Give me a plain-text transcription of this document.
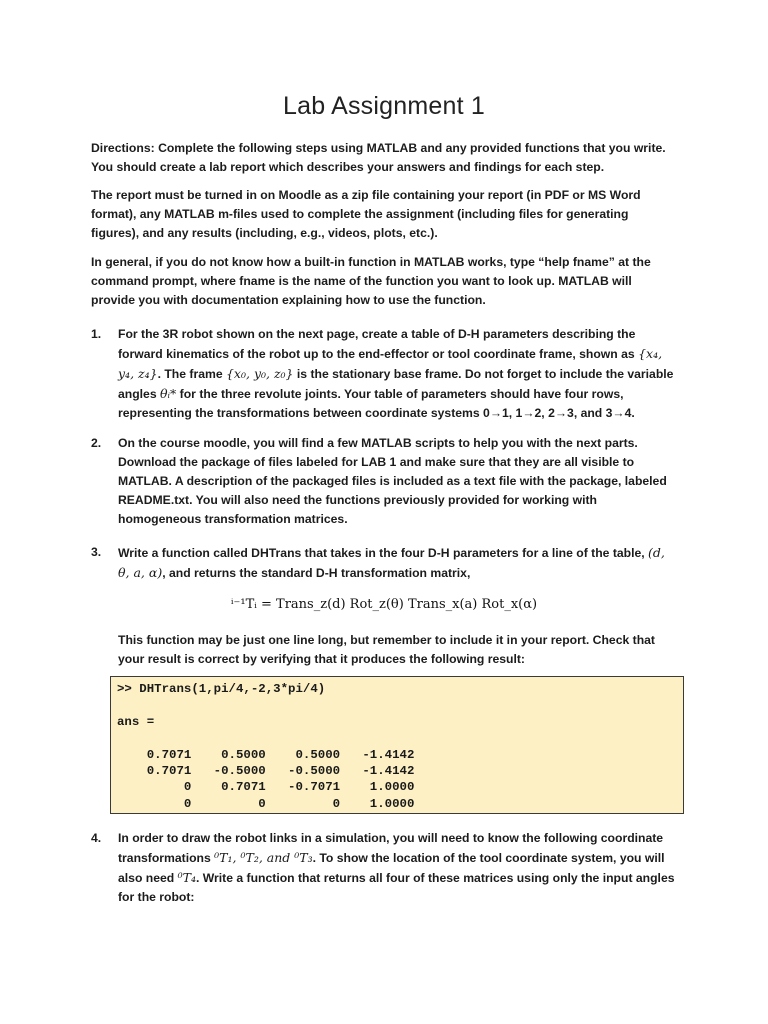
Lab Assignment 1
Directions: Complete the following steps using MATLAB and any provided functions that you write. You should create a lab report which describes your answers and findings for each step.
The report must be turned in on Moodle as a zip file containing your report (in PDF or MS Word format), any MATLAB m-files used to complete the assignment (including files for generating figures), and any results (including, e.g., videos, plots, etc.).
In general, if you do not know how a built-in function in MATLAB works, type “help fname” at the command prompt, where fname is the name of the function you want to look up. MATLAB will provide you with documentation explaining how to use the function.
1.	For the 3R robot shown on the next page, create a table of D-H parameters describing the forward kinematics of the robot up to the end-effector or tool coordinate frame, shown as {x₄, y₄, z₄}. The frame {x₀, y₀, z₀} is the stationary base frame. Do not forget to include the variable angles θᵢ* for the three revolute joints. Your table of parameters should have four rows, representing the transformations between coordinate systems 0→1, 1→2, 2→3, and 3→4.
2.	On the course moodle, you will find a few MATLAB scripts to help you with the next parts. Download the package of files labeled for LAB 1 and make sure that they are all visible to MATLAB. A description of the packaged files is included as a text file with the package, labeled README.txt. You will also need the functions previously provided for working with homogeneous transformation matrices.
3.	Write a function called DHTrans that takes in the four D-H parameters for a line of the table, (d, θ, a, α), and returns the standard D-H transformation matrix,
ⁱ⁻¹Tᵢ = Trans_z(d) Rot_z(θ) Trans_x(a) Rot_x(α)
This function may be just one line long, but remember to include it in your report. Check that your result is correct by verifying that it produces the following result:
>> DHTrans(1,pi/4,-2,3*pi/4)

ans =

0.7071    0.5000    0.5000   -1.4142
0.7071   -0.5000   -0.5000   -1.4142
0    0.7071   -0.7071    1.0000
0         0         0    1.0000
4.	In order to draw the robot links in a simulation, you will need to know the following coordinate transformations ⁰T₁, ⁰T₂, and ⁰T₃. To show the location of the tool coordinate system, you will also need ⁰T₄. Write a function that returns all four of these matrices using only the input angles for the robot:
